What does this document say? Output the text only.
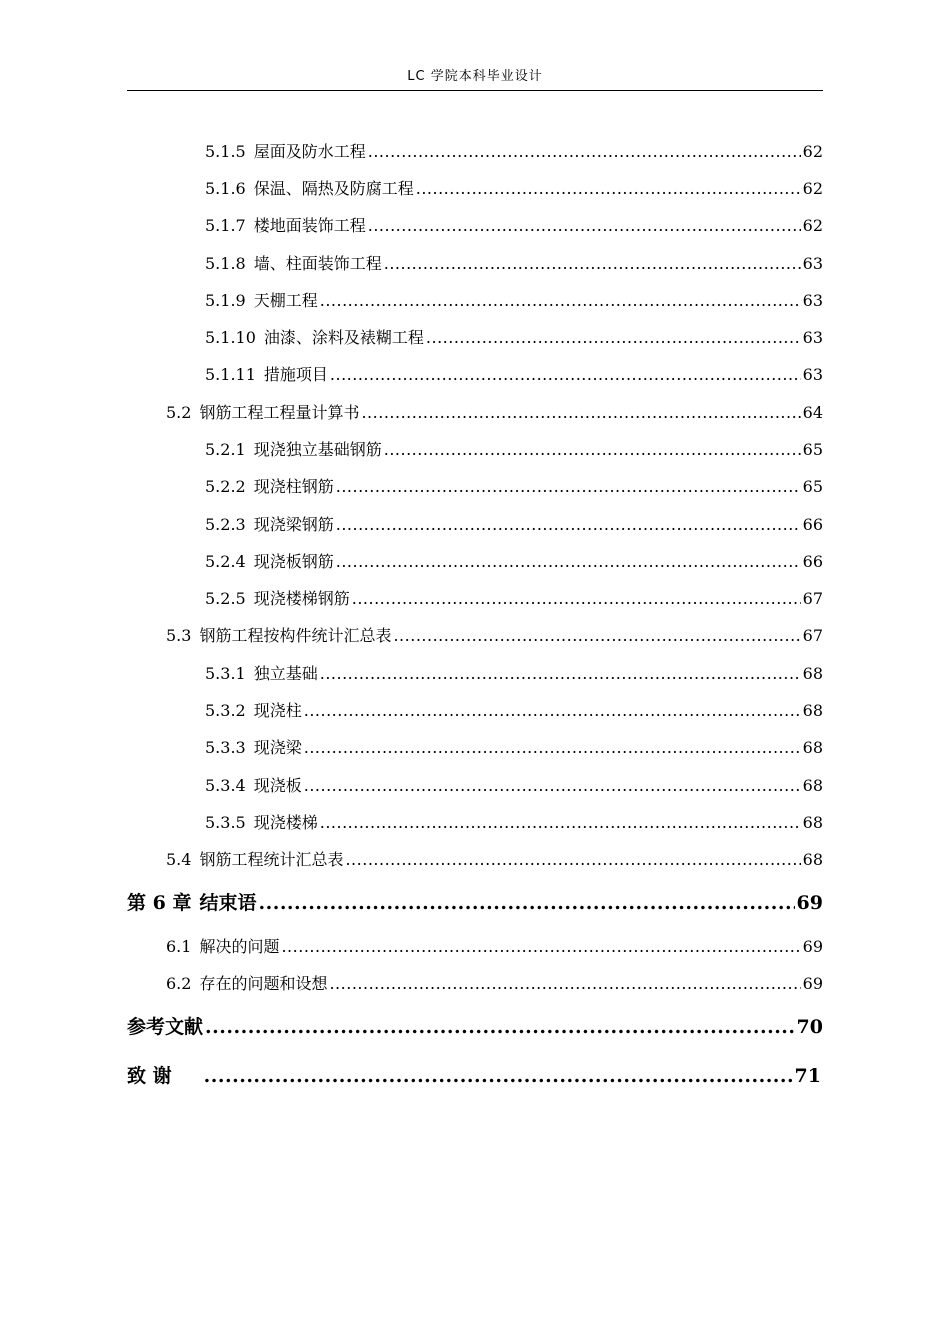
LC 学院本科毕业设计
5.1.5 屋面及防水工程 .....	62
5.1.6 保温、隔热及防腐工程 .....	62
5.1.7 楼地面装饰工程 .....	62
5.1.8 墙、柱面装饰工程 .....	63
5.1.9 天棚工程 .....	63
5.1.10 油漆、涂料及裱糊工程 .....	63
5.1.11 措施项目 .....	63
5.2 钢筋工程工程量计算书 .....	64
5.2.1 现浇独立基础钢筋 .....	65
5.2.2 现浇柱钢筋 .....	65
5.2.3 现浇梁钢筋 .....	66
5.2.4 现浇板钢筋 .....	66
5.2.5 现浇楼梯钢筋 .....	67
5.3 钢筋工程按构件统计汇总表 .....	67
5.3.1 独立基础 .....	68
5.3.2 现浇柱 .....	68
5.3.3 现浇梁 .....	68
5.3.4 现浇板 .....	68
5.3.5 现浇楼梯 .....	68
5.4 钢筋工程统计汇总表 .....	68
第 6 章 结束语 .....	69
6.1 解决的问题 .....	69
6.2 存在的问题和设想 .....	69
参考文献 .....	70
致 谢 .....	71
